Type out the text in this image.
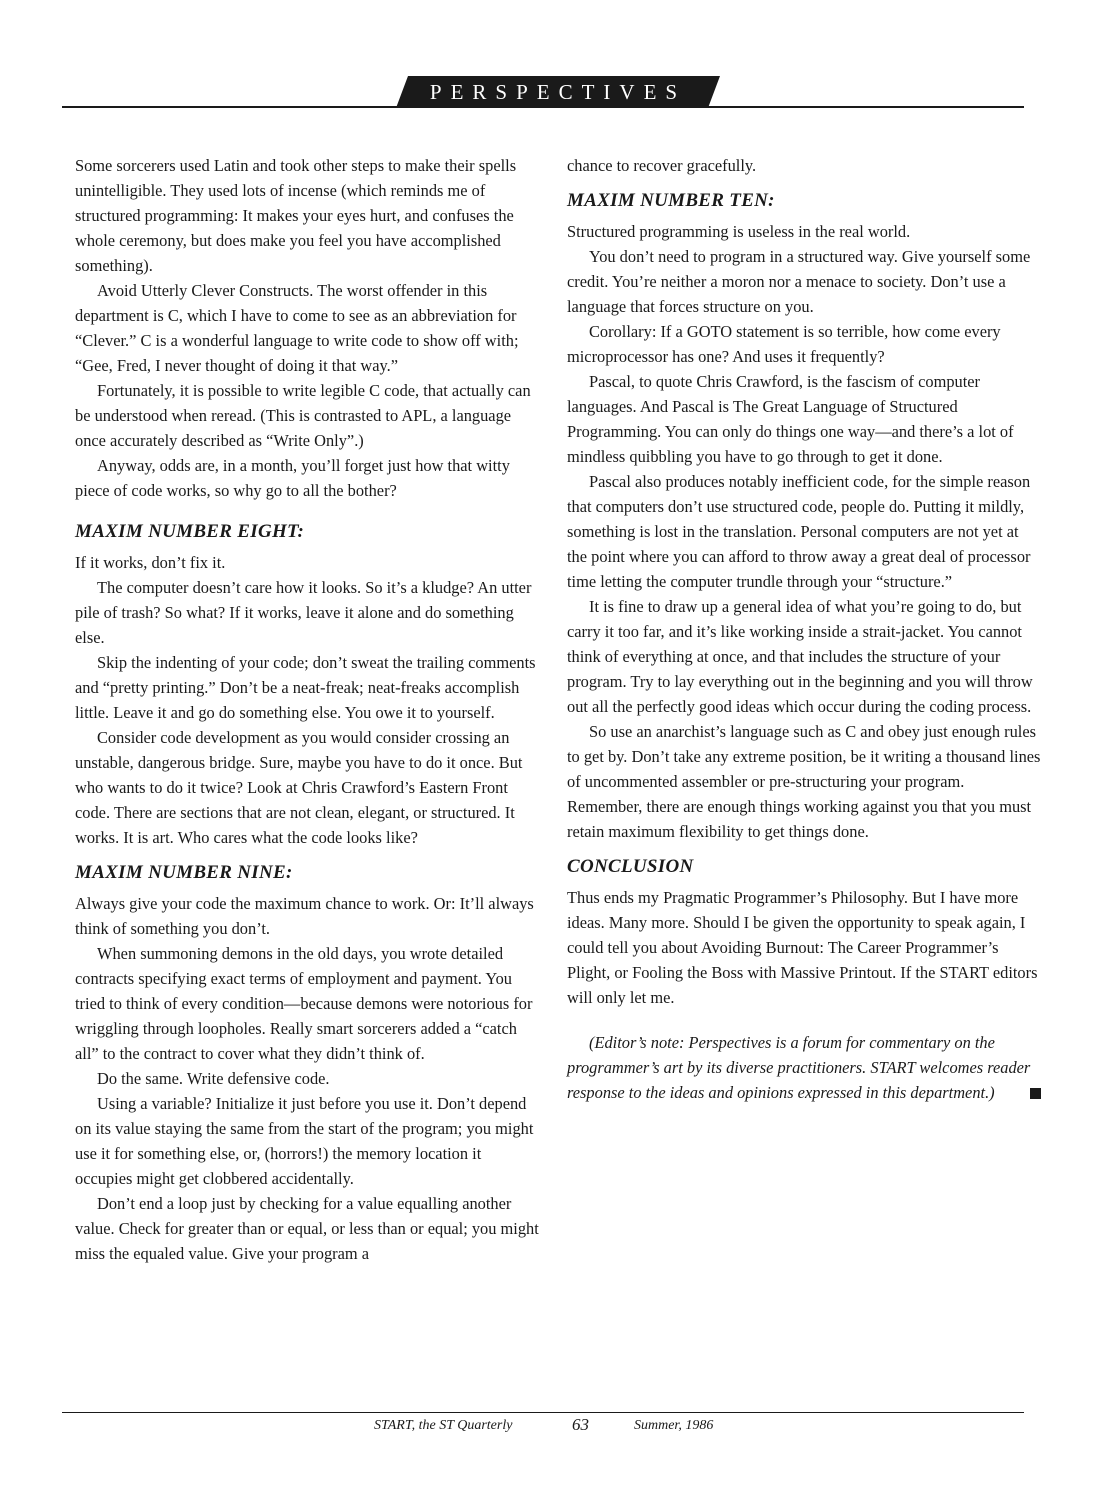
PERSPECTIVES

Some sorcerers used Latin and took other steps to make their spells unintelligible. They used lots of incense (which reminds me of structured programming: It makes your eyes hurt, and confuses the whole ceremony, but does make you feel you have accomplished something).

Avoid Utterly Clever Constructs. The worst offender in this department is C, which I have to come to see as an abbreviation for “Clever.” C is a wonderful language to write code to show off with; “Gee, Fred, I never thought of doing it that way.”

Fortunately, it is possible to write legible C code, that actually can be understood when reread. (This is contrasted to APL, a language once accurately described as “Write Only”.)

Anyway, odds are, in a month, you’ll forget just how that witty piece of code works, so why go to all the bother?

MAXIM NUMBER EIGHT:

If it works, don’t fix it.

The computer doesn’t care how it looks. So it’s a kludge? An utter pile of trash? So what? If it works, leave it alone and do something else.

Skip the indenting of your code; don’t sweat the trailing comments and “pretty printing.” Don’t be a neat-freak; neat-freaks accomplish little. Leave it and go do something else. You owe it to yourself.

Consider code development as you would consider crossing an unstable, dangerous bridge. Sure, maybe you have to do it once. But who wants to do it twice? Look at Chris Crawford’s Eastern Front code. There are sections that are not clean, elegant, or structured. It works. It is art. Who cares what the code looks like?

MAXIM NUMBER NINE:

Always give your code the maximum chance to work. Or: It’ll always think of something you don’t.

When summoning demons in the old days, you wrote detailed contracts specifying exact terms of employment and payment. You tried to think of every condition—because demons were notorious for wriggling through loopholes. Really smart sorcerers added a “catch all” to the contract to cover what they didn’t think of.

Do the same. Write defensive code.

Using a variable? Initialize it just before you use it. Don’t depend on its value staying the same from the start of the program; you might use it for something else, or, (horrors!) the memory location it occupies might get clobbered accidentally.

Don’t end a loop just by checking for a value equalling another value. Check for greater than or equal, or less than or equal; you might miss the equaled value. Give your program a

chance to recover gracefully.

MAXIM NUMBER TEN:

Structured programming is useless in the real world.

You don’t need to program in a structured way. Give yourself some credit. You’re neither a moron nor a menace to society. Don’t use a language that forces structure on you.

Corollary: If a GOTO statement is so terrible, how come every microprocessor has one? And uses it frequently?

Pascal, to quote Chris Crawford, is the fascism of computer languages. And Pascal is The Great Language of Structured Programming. You can only do things one way—and there’s a lot of mindless quibbling you have to go through to get it done.

Pascal also produces notably inefficient code, for the simple reason that computers don’t use structured code, people do. Putting it mildly, something is lost in the translation. Personal computers are not yet at the point where you can afford to throw away a great deal of processor time letting the computer trundle through your “structure.”

It is fine to draw up a general idea of what you’re going to do, but carry it too far, and it’s like working inside a strait-jacket. You cannot think of everything at once, and that includes the structure of your program. Try to lay everything out in the beginning and you will throw out all the perfectly good ideas which occur during the coding process.

So use an anarchist’s language such as C and obey just enough rules to get by. Don’t take any extreme position, be it writing a thousand lines of uncommented assembler or pre-structuring your program. Remember, there are enough things working against you that you must retain maximum flexibility to get things done.

CONCLUSION

Thus ends my Pragmatic Programmer’s Philosophy. But I have more ideas. Many more. Should I be given the opportunity to speak again, I could tell you about Avoiding Burnout: The Career Programmer’s Plight, or Fooling the Boss with Massive Printout. If the START editors will only let me.

(Editor’s note: Perspectives is a forum for commentary on the programmer’s art by its diverse practitioners. START welcomes reader response to the ideas and opinions expressed in this department.)

START, the ST Quarterly	63	Summer, 1986
